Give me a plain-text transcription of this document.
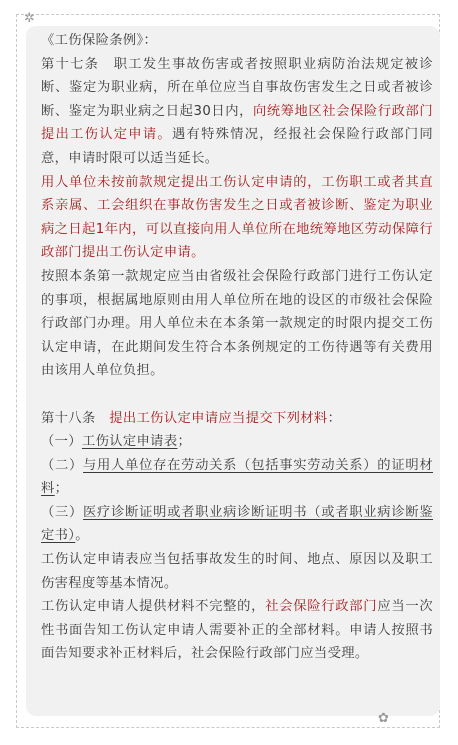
✲
✿

《工伤保险条例》：

第十七条　职工发生事故伤害或者按照职业病防治法规定被诊断、鉴定为职业病，所在单位应当自事故伤害发生之日或者被诊断、鉴定为职业病之日起30日内，向统筹地区社会保险行政部门提出工伤认定申请。遇有特殊情况，经报社会保险行政部门同意，申请时限可以适当延长。

用人单位未按前款规定提出工伤认定申请的，工伤职工或者其直系亲属、工会组织在事故伤害发生之日或者被诊断、鉴定为职业病之日起1年内，可以直接向用人单位所在地统筹地区劳动保障行政部门提出工伤认定申请。

按照本条第一款规定应当由省级社会保险行政部门进行工伤认定的事项，根据属地原则由用人单位所在地的设区的市级社会保险行政部门办理。用人单位未在本条第一款规定的时限内提交工伤认定申请，在此期间发生符合本条例规定的工伤待遇等有关费用由该用人单位负担。

第十八条　提出工伤认定申请应当提交下列材料：

（一）工伤认定申请表；

（二）与用人单位存在劳动关系（包括事实劳动关系）的证明材料；

（三）医疗诊断证明或者职业病诊断证明书（或者职业病诊断鉴定书）。

工伤认定申请表应当包括事故发生的时间、地点、原因以及职工伤害程度等基本情况。

工伤认定申请人提供材料不完整的，社会保险行政部门应当一次性书面告知工伤认定申请人需要补正的全部材料。申请人按照书面告知要求补正材料后，社会保险行政部门应当受理。
